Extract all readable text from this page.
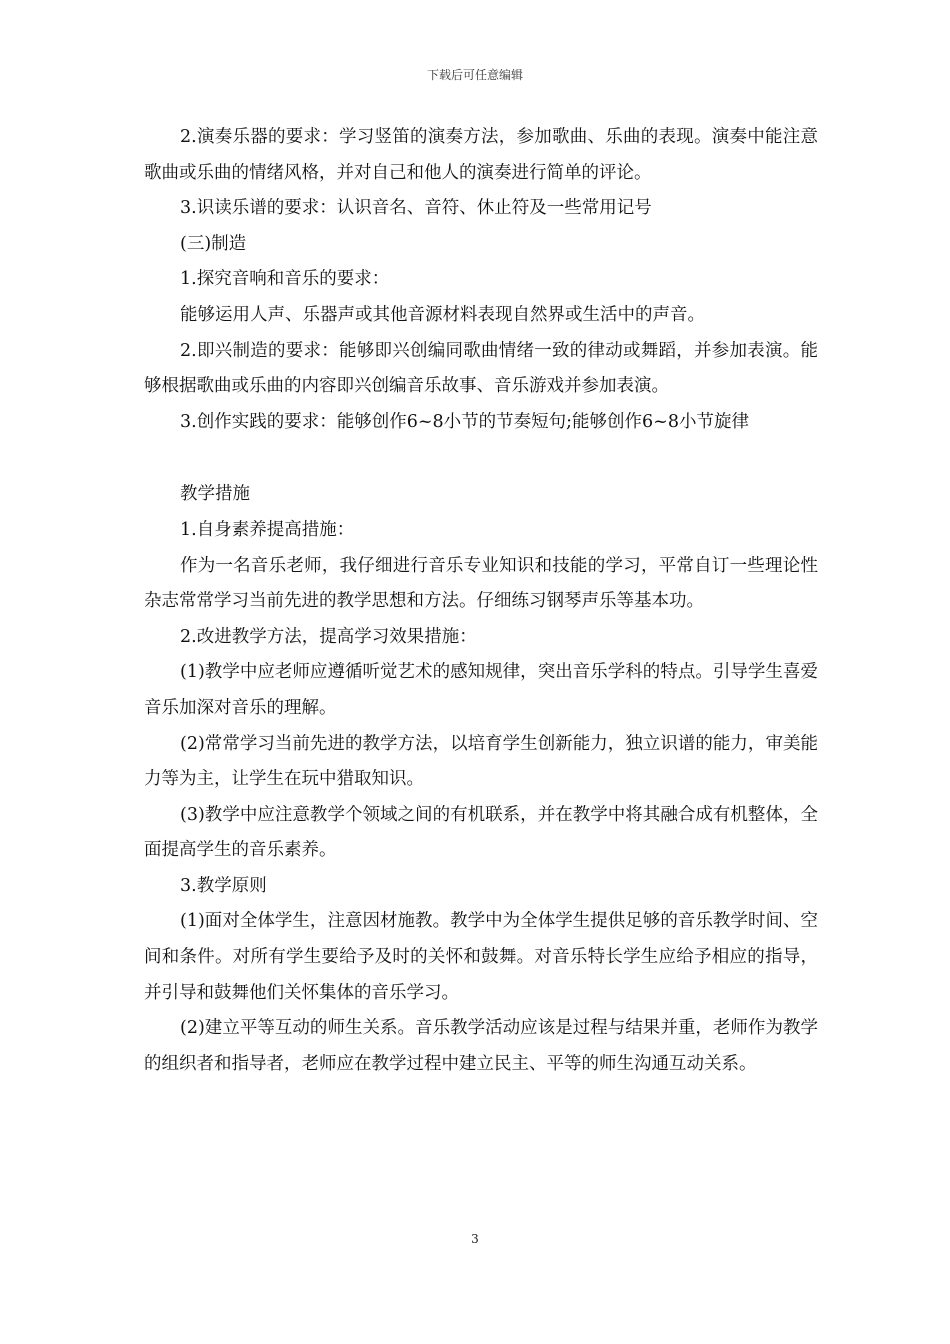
下载后可任意编辑

2.演奏乐器的要求：学习竖笛的演奏方法，参加歌曲、乐曲的表现。演奏中能注意歌曲或乐曲的情绪风格，并对自己和他人的演奏进行简单的评论。

3.识读乐谱的要求：认识音名、音符、休止符及一些常用记号

(三)制造

1.探究音响和音乐的要求：

能够运用人声、乐器声或其他音源材料表现自然界或生活中的声音。

2.即兴制造的要求：能够即兴创编同歌曲情绪一致的律动或舞蹈，并参加表演。能够根据歌曲或乐曲的内容即兴创编音乐故事、音乐游戏并参加表演。

3.创作实践的要求：能够创作6~8小节的节奏短句;能够创作6~8小节旋律

教学措施

1.自身素养提高措施：

作为一名音乐老师，我仔细进行音乐专业知识和技能的学习，平常自订一些理论性杂志常常学习当前先进的教学思想和方法。仔细练习钢琴声乐等基本功。

2.改进教学方法，提高学习效果措施：

(1)教学中应老师应遵循听觉艺术的感知规律，突出音乐学科的特点。引导学生喜爱音乐加深对音乐的理解。

(2)常常学习当前先进的教学方法，以培育学生创新能力，独立识谱的能力，审美能力等为主，让学生在玩中猎取知识。

(3)教学中应注意教学个领域之间的有机联系，并在教学中将其融合成有机整体，全面提高学生的音乐素养。

3.教学原则

(1)面对全体学生，注意因材施教。教学中为全体学生提供足够的音乐教学时间、空间和条件。对所有学生要给予及时的关怀和鼓舞。对音乐特长学生应给予相应的指导，并引导和鼓舞他们关怀集体的音乐学习。

(2)建立平等互动的师生关系。音乐教学活动应该是过程与结果并重，老师作为教学的组织者和指导者，老师应在教学过程中建立民主、平等的师生沟通互动关系。

3
